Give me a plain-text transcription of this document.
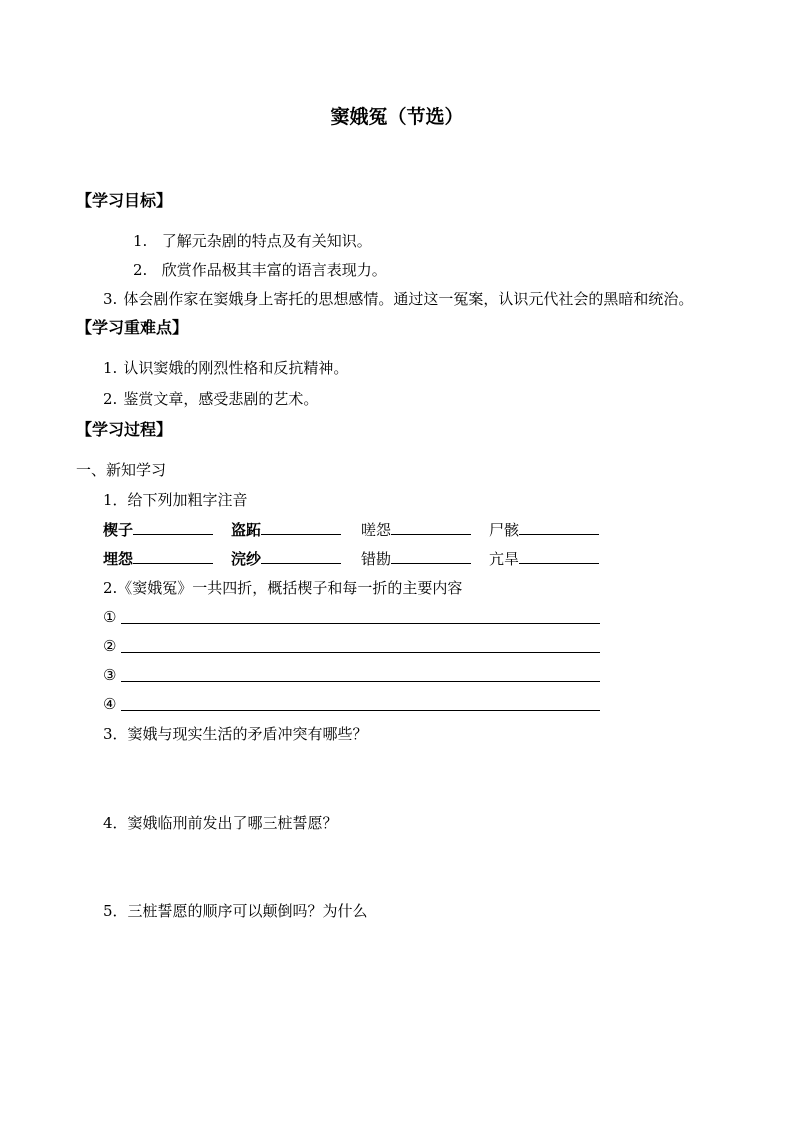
窦娥冤（节选）
【学习目标】
1. 了解元杂剧的特点及有关知识。
2. 欣赏作品极其丰富的语言表现力。
3. 体会剧作家在窦娥身上寄托的思想感情。通过这一冤案，认识元代社会的黑暗和统治。
【学习重难点】
1. 认识窦娥的刚烈性格和反抗精神。
2. 鉴赏文章，感受悲剧的艺术。
【学习过程】
一、新知学习
1．给下列加粗字注音
楔子	盗跖	嗟怨	尸骸
埋怨	浣纱	错勘	亢旱
2.《窦娥冤》一共四折，概括楔子和每一折的主要内容
①
②
③
④
3．窦娥与现实生活的矛盾冲突有哪些？
4．窦娥临刑前发出了哪三桩誓愿？
5．三桩誓愿的顺序可以颠倒吗？为什么
